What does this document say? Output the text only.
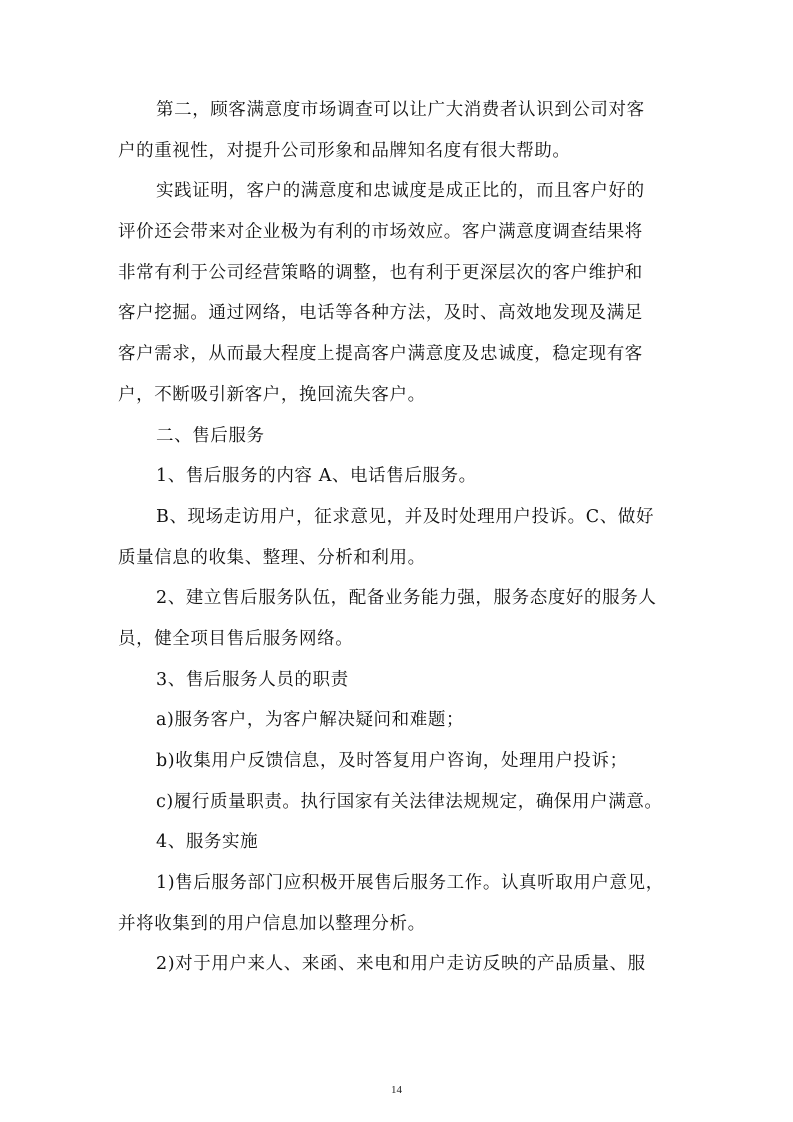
第二，顾客满意度市场调查可以让广大消费者认识到公司对客
户的重视性，对提升公司形象和品牌知名度有很大帮助。
实践证明，客户的满意度和忠诚度是成正比的，而且客户好的
评价还会带来对企业极为有利的市场效应。客户满意度调查结果将
非常有利于公司经营策略的调整，也有利于更深层次的客户维护和
客户挖掘。通过网络，电话等各种方法，及时、高效地发现及满足
客户需求，从而最大程度上提高客户满意度及忠诚度，稳定现有客
户，不断吸引新客户，挽回流失客户。
二、售后服务
1、售后服务的内容 A、电话售后服务。
B、现场走访用户，征求意见，并及时处理用户投诉。C、做好
质量信息的收集、整理、分析和利用。
2、建立售后服务队伍，配备业务能力强，服务态度好的服务人
员，健全项目售后服务网络。
3、售后服务人员的职责
a)服务客户，为客户解决疑问和难题；
b)收集用户反馈信息，及时答复用户咨询，处理用户投诉；
c)履行质量职责。执行国家有关法律法规规定，确保用户满意。
4、服务实施
1)售后服务部门应积极开展售后服务工作。认真听取用户意见，
并将收集到的用户信息加以整理分析。
2)对于用户来人、来函、来电和用户走访反映的产品质量、服
14
